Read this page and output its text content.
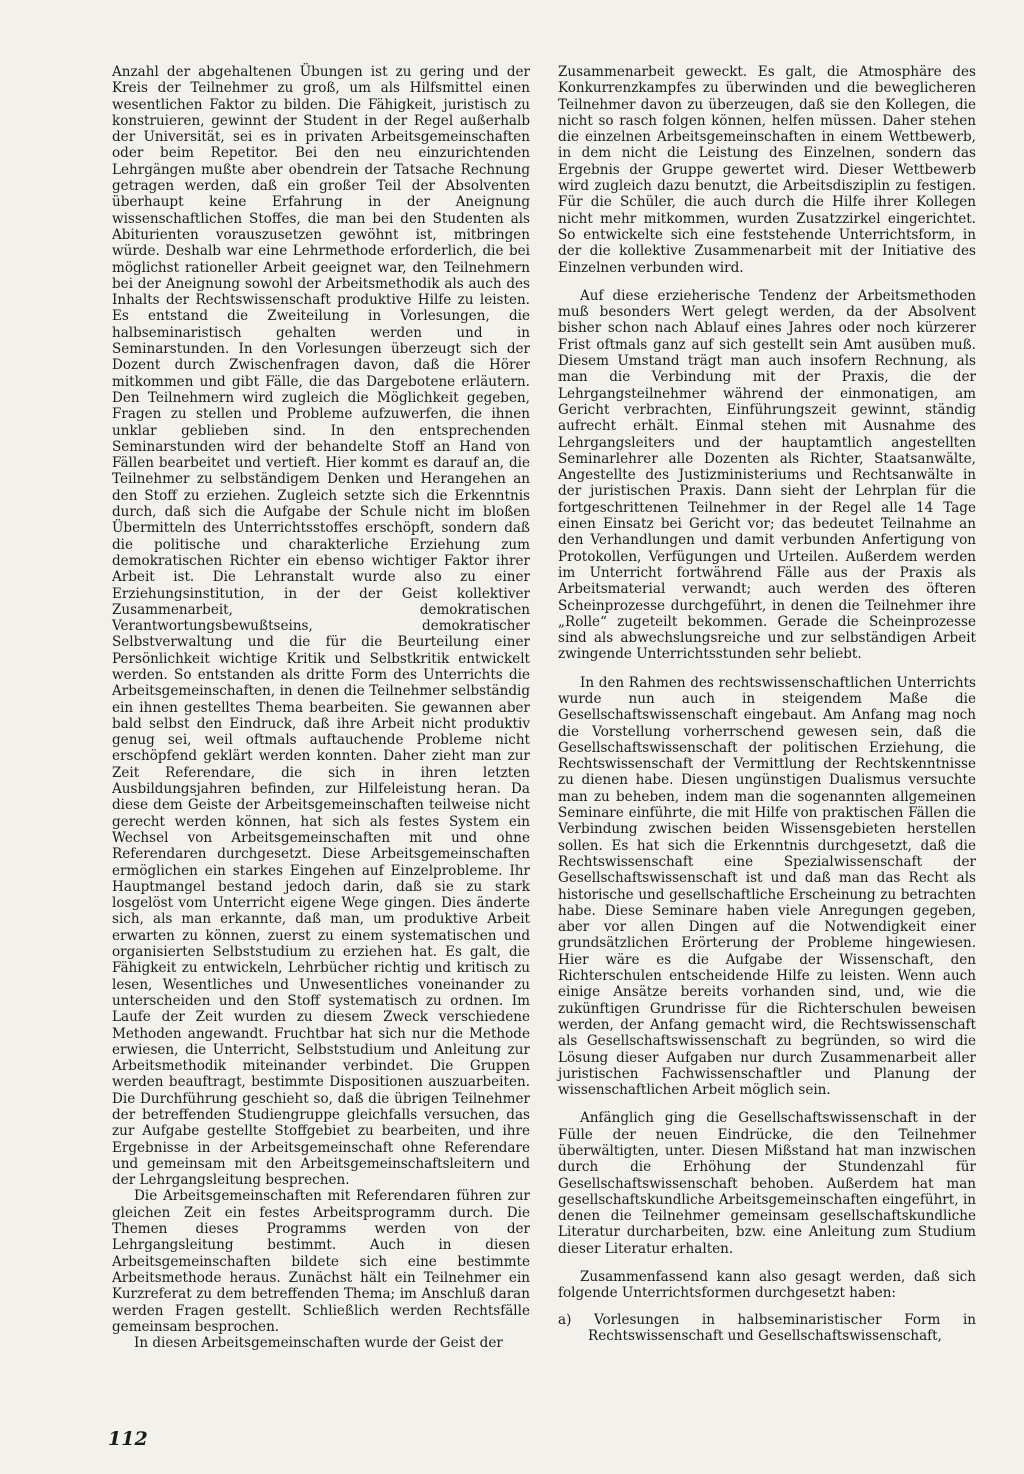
Anzahl der abgehaltenen Übungen ist zu gering und der Kreis der Teilnehmer zu groß, um als Hilfsmittel einen wesentlichen Faktor zu bilden. Die Fähigkeit, juristisch zu konstruieren, gewinnt der Student in der Regel außerhalb der Universität, sei es in privaten Arbeitsgemeinschaften oder beim Repetitor. Bei den neu einzurichtenden Lehrgängen mußte aber obendrein der Tatsache Rechnung getragen werden, daß ein großer Teil der Absolventen überhaupt keine Erfahrung in der Aneignung wissenschaftlichen Stoffes, die man bei den Studenten als Abiturienten vorauszusetzen gewöhnt ist, mitbringen würde. Deshalb war eine Lehrmethode erforderlich, die bei möglichst rationeller Arbeit geeignet war, den Teilnehmern bei der Aneignung sowohl der Arbeitsmethodik als auch des Inhalts der Rechtswissenschaft produktive Hilfe zu leisten. Es entstand die Zweiteilung in Vorlesungen, die halbseminaristisch gehalten werden und in Seminarstunden. In den Vorlesungen überzeugt sich der Dozent durch Zwischenfragen davon, daß die Hörer mitkommen und gibt Fälle, die das Dargebotene erläutern. Den Teilnehmern wird zugleich die Möglichkeit gegeben, Fragen zu stellen und Probleme aufzuwerfen, die ihnen unklar geblieben sind. In den entsprechenden Seminarstunden wird der behandelte Stoff an Hand von Fällen bearbeitet und vertieft. Hier kommt es darauf an, die Teilnehmer zu selbständigem Denken und Herangehen an den Stoff zu erziehen. Zugleich setzte sich die Erkenntnis durch, daß sich die Aufgabe der Schule nicht im bloßen Übermitteln des Unterrichtsstoffes erschöpft, sondern daß die politische und charakterliche Erziehung zum demokratischen Richter ein ebenso wichtiger Faktor ihrer Arbeit ist. Die Lehranstalt wurde also zu einer Erziehungsinstitution, in der der Geist kollektiver Zusammenarbeit, demokratischen Verantwortungsbewußtseins, demokratischer Selbstverwaltung und die für die Beurteilung einer Persönlichkeit wichtige Kritik und Selbstkritik entwickelt werden. So entstanden als dritte Form des Unterrichts die Arbeitsgemeinschaften, in denen die Teilnehmer selbständig ein ihnen gestelltes Thema bearbeiten. Sie gewannen aber bald selbst den Eindruck, daß ihre Arbeit nicht produktiv genug sei, weil oftmals auftauchende Probleme nicht erschöpfend geklärt werden konnten. Daher zieht man zur Zeit Referendare, die sich in ihren letzten Ausbildungsjahren befinden, zur Hilfeleistung heran. Da diese dem Geiste der Arbeitsgemeinschaften teilweise nicht gerecht werden können, hat sich als festes System ein Wechsel von Arbeitsgemeinschaften mit und ohne Referendaren durchgesetzt. Diese Arbeitsgemeinschaften ermöglichen ein starkes Eingehen auf Einzelprobleme. Ihr Hauptmangel bestand jedoch darin, daß sie zu stark losgelöst vom Unterricht eigene Wege gingen. Dies änderte sich, als man erkannte, daß man, um produktive Arbeit erwarten zu können, zuerst zu einem systematischen und organisierten Selbststudium zu erziehen hat. Es galt, die Fähigkeit zu entwickeln, Lehrbücher richtig und kritisch zu lesen, Wesentliches und Unwesentliches voneinander zu unterscheiden und den Stoff systematisch zu ordnen. Im Laufe der Zeit wurden zu diesem Zweck verschiedene Methoden angewandt. Fruchtbar hat sich nur die Methode erwiesen, die Unterricht, Selbststudium und Anleitung zur Arbeitsmethodik miteinander verbindet. Die Gruppen werden beauftragt, bestimmte Dispositionen auszuarbeiten. Die Durchführung geschieht so, daß die übrigen Teilnehmer der betreffenden Studiengruppe gleichfalls versuchen, das zur Aufgabe gestellte Stoffgebiet zu bearbeiten, und ihre Ergebnisse in der Arbeitsgemeinschaft ohne Referendare und gemeinsam mit den Arbeitsgemeinschaftsleitern und der Lehrgangsleitung besprechen.

Die Arbeitsgemeinschaften mit Referendaren führen zur gleichen Zeit ein festes Arbeitsprogramm durch. Die Themen dieses Programms werden von der Lehrgangsleitung bestimmt. Auch in diesen Arbeitsgemeinschaften bildete sich eine bestimmte Arbeitsmethode heraus. Zunächst hält ein Teilnehmer ein Kurzreferat zu dem betreffenden Thema; im Anschluß daran werden Fragen gestellt. Schließlich werden Rechtsfälle gemeinsam besprochen.

In diesen Arbeitsgemeinschaften wurde der Geist der

Zusammenarbeit geweckt. Es galt, die Atmosphäre des Konkurrenzkampfes zu überwinden und die beweglicheren Teilnehmer davon zu überzeugen, daß sie den Kollegen, die nicht so rasch folgen können, helfen müssen. Daher stehen die einzelnen Arbeitsgemeinschaften in einem Wettbewerb, in dem nicht die Leistung des Einzelnen, sondern das Ergebnis der Gruppe gewertet wird. Dieser Wettbewerb wird zugleich dazu benutzt, die Arbeitsdisziplin zu festigen. Für die Schüler, die auch durch die Hilfe ihrer Kollegen nicht mehr mitkommen, wurden Zusatzzirkel eingerichtet. So entwickelte sich eine feststehende Unterrichtsform, in der die kollektive Zusammenarbeit mit der Initiative des Einzelnen verbunden wird.

Auf diese erzieherische Tendenz der Arbeitsmethoden muß besonders Wert gelegt werden, da der Absolvent bisher schon nach Ablauf eines Jahres oder noch kürzerer Frist oftmals ganz auf sich gestellt sein Amt ausüben muß. Diesem Umstand trägt man auch insofern Rechnung, als man die Verbindung mit der Praxis, die der Lehrgangsteilnehmer während der einmonatigen, am Gericht verbrachten, Einführungszeit gewinnt, ständig aufrecht erhält. Einmal stehen mit Ausnahme des Lehrgangsleiters und der hauptamtlich angestellten Seminarlehrer alle Dozenten als Richter, Staatsanwälte, Angestellte des Justizministeriums und Rechtsanwälte in der juristischen Praxis. Dann sieht der Lehrplan für die fortgeschrittenen Teilnehmer in der Regel alle 14 Tage einen Einsatz bei Gericht vor; das bedeutet Teilnahme an den Verhandlungen und damit verbunden Anfertigung von Protokollen, Verfügungen und Urteilen. Außerdem werden im Unterricht fortwährend Fälle aus der Praxis als Arbeitsmaterial verwandt; auch werden des öfteren Scheinprozesse durchgeführt, in denen die Teilnehmer ihre „Rolle“ zugeteilt bekommen. Gerade die Scheinprozesse sind als abwechslungsreiche und zur selbständigen Arbeit zwingende Unterrichtsstunden sehr beliebt.

In den Rahmen des rechtswissenschaftlichen Unterrichts wurde nun auch in steigendem Maße die Gesellschaftswissenschaft eingebaut. Am Anfang mag noch die Vorstellung vorherrschend gewesen sein, daß die Gesellschaftswissenschaft der politischen Erziehung, die Rechtswissenschaft der Vermittlung der Rechtskenntnisse zu dienen habe. Diesen ungünstigen Dualismus versuchte man zu beheben, indem man die sogenannten allgemeinen Seminare einführte, die mit Hilfe von praktischen Fällen die Verbindung zwischen beiden Wissensgebieten herstellen sollen. Es hat sich die Erkenntnis durchgesetzt, daß die Rechtswissenschaft eine Spezialwissenschaft der Gesellschaftswissenschaft ist und daß man das Recht als historische und gesellschaftliche Erscheinung zu betrachten habe. Diese Seminare haben viele Anregungen gegeben, aber vor allen Dingen auf die Notwendigkeit einer grundsätzlichen Erörterung der Probleme hingewiesen. Hier wäre es die Aufgabe der Wissenschaft, den Richterschulen entscheidende Hilfe zu leisten. Wenn auch einige Ansätze bereits vorhanden sind, und, wie die zukünftigen Grundrisse für die Richterschulen beweisen werden, der Anfang gemacht wird, die Rechtswissenschaft als Gesellschaftswissenschaft zu begründen, so wird die Lösung dieser Aufgaben nur durch Zusammenarbeit aller juristischen Fachwissenschaftler und Planung der wissenschaftlichen Arbeit möglich sein.

Anfänglich ging die Gesellschaftswissenschaft in der Fülle der neuen Eindrücke, die den Teilnehmer überwältigten, unter. Diesen Mißstand hat man inzwischen durch die Erhöhung der Stundenzahl für Gesellschaftswissenschaft behoben. Außerdem hat man gesellschaftskundliche Arbeitsgemeinschaften eingeführt, in denen die Teilnehmer gemeinsam gesellschaftskundliche Literatur durcharbeiten, bzw. eine Anleitung zum Studium dieser Literatur erhalten.

Zusammenfassend kann also gesagt werden, daß sich folgende Unterrichtsformen durchgesetzt haben:

a) Vorlesungen in halbseminaristischer Form in Rechtswissenschaft und Gesellschaftswissenschaft,

112
